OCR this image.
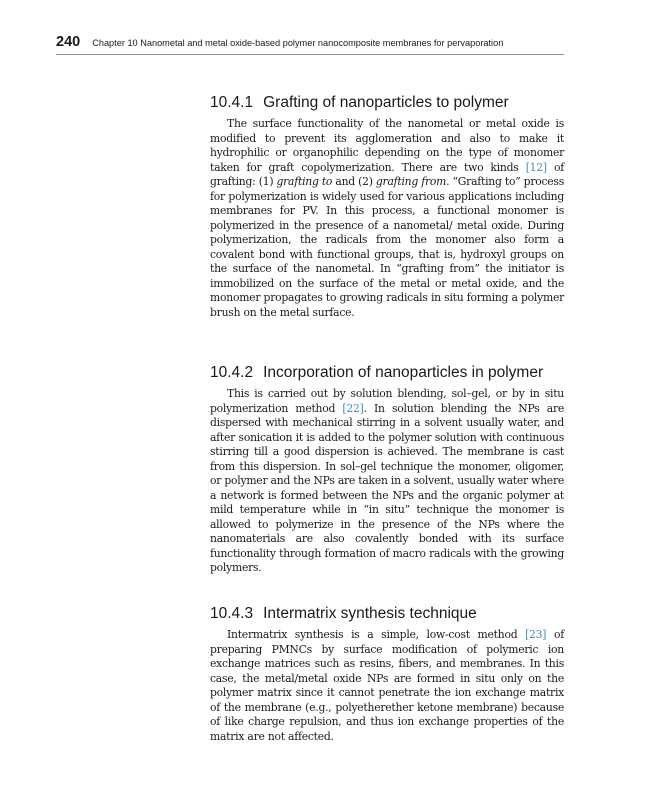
240 Chapter 10 Nanometal and metal oxide-based polymer nanocomposite membranes for pervaporation
10.4.1 Grafting of nanoparticles to polymer

The surface functionality of the nanometal or metal oxide is modified to prevent its agglomeration and also to make it hydrophilic or organophilic depending on the type of monomer taken for graft copolymerization. There are two kinds [12] of grafting: (1) grafting to and (2) grafting from. “Grafting to” process for polymerization is widely used for various applications including membranes for PV. In this process, a functional monomer is polymerized in the presence of a nanometal/ metal oxide. During polymerization, the radicals from the monomer also form a covalent bond with functional groups, that is, hydroxyl groups on the surface of the nanometal. In “grafting from” the initiator is immobilized on the surface of the metal or metal oxide, and the monomer propagates to growing radicals in situ forming a polymer brush on the metal surface.

10.4.2 Incorporation of nanoparticles in polymer

This is carried out by solution blending, sol–gel, or by in situ polymerization method [22]. In solution blending the NPs are dispersed with mechanical stirring in a solvent usually water, and after sonication it is added to the polymer solution with continuous stirring till a good dispersion is achieved. The membrane is cast from this dispersion. In sol–gel technique the monomer, oligomer, or polymer and the NPs are taken in a solvent, usually water where a network is formed between the NPs and the organic polymer at mild temperature while in “in situ” technique the monomer is allowed to polymerize in the presence of the NPs where the nanomaterials are also covalently bonded with its surface functionality through formation of macro radicals with the growing polymers.

10.4.3 Intermatrix synthesis technique

Intermatrix synthesis is a simple, low-cost method [23] of preparing PMNCs by surface modification of polymeric ion exchange matrices such as resins, fibers, and membranes. In this case, the metal/metal oxide NPs are formed in situ only on the polymer matrix since it cannot penetrate the ion exchange matrix of the membrane (e.g., polyetherether ketone membrane) because of like charge repulsion, and thus ion exchange properties of the matrix are not affected.
